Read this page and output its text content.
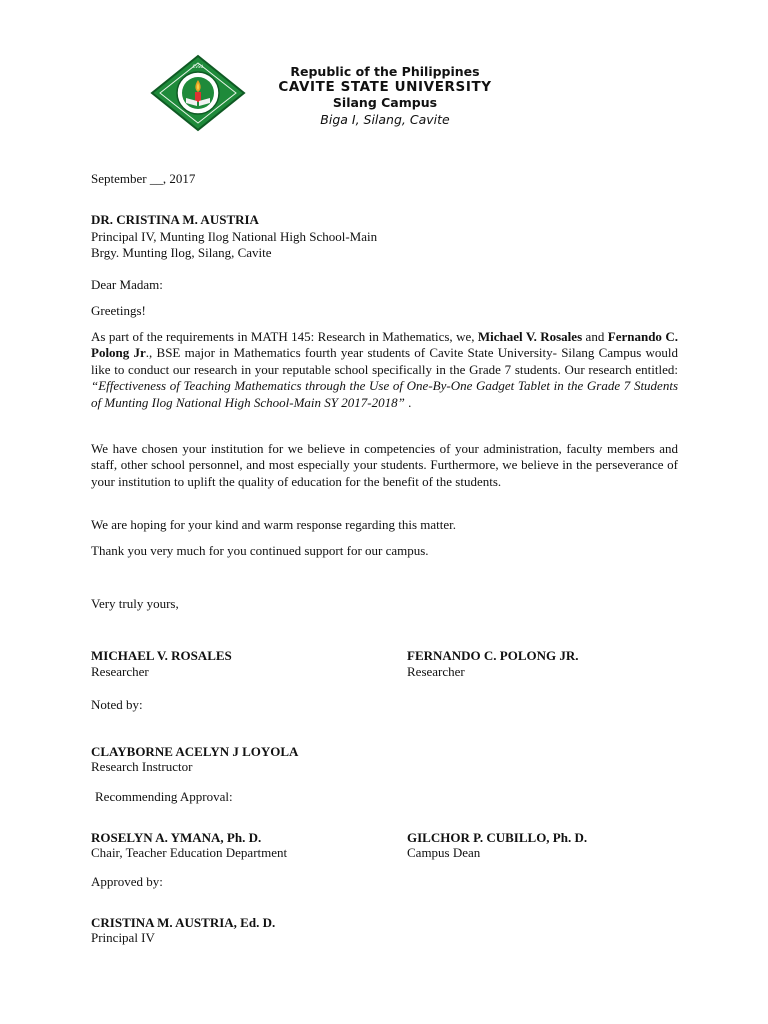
CvSU	Republic of the Philippines
CAVITE STATE UNIVERSITY
Silang Campus
Biga I, Silang, Cavite
September __, 2017
DR. CRISTINA M. AUSTRIA
Principal IV, Munting Ilog National High School-Main
Brgy. Munting Ilog, Silang, Cavite
Dear Madam:
Greetings!
As part of the requirements in MATH 145: Research in Mathematics, we, Michael V. Rosales and Fernando C. Polong Jr., BSE major in Mathematics fourth year students of Cavite State University- Silang Campus would like to conduct our research in your reputable school specifically in the Grade 7 students. Our research entitled: “Effectiveness of Teaching Mathematics through the Use of One-By-One Gadget Tablet in the Grade 7 Students of Munting Ilog National High School-Main SY 2017-2018” .
We have chosen your institution for we believe in competencies of your administration, faculty members and staff, other school personnel, and most especially your students. Furthermore, we believe in the perseverance of your institution to uplift the quality of education for the benefit of the students.
We are hoping for your kind and warm response regarding this matter.
Thank you very much for you continued support for our campus.
Very truly yours,
MICHAEL V. ROSALES
Researcher
FERNANDO C. POLONG JR.
Researcher
Noted by:
CLAYBORNE ACELYN J LOYOLA
Research Instructor
Recommending Approval:
ROSELYN A. YMANA, Ph. D.
Chair, Teacher Education Department
GILCHOR P. CUBILLO, Ph. D.
Campus Dean
Approved by:
CRISTINA M. AUSTRIA, Ed. D.
Principal IV
